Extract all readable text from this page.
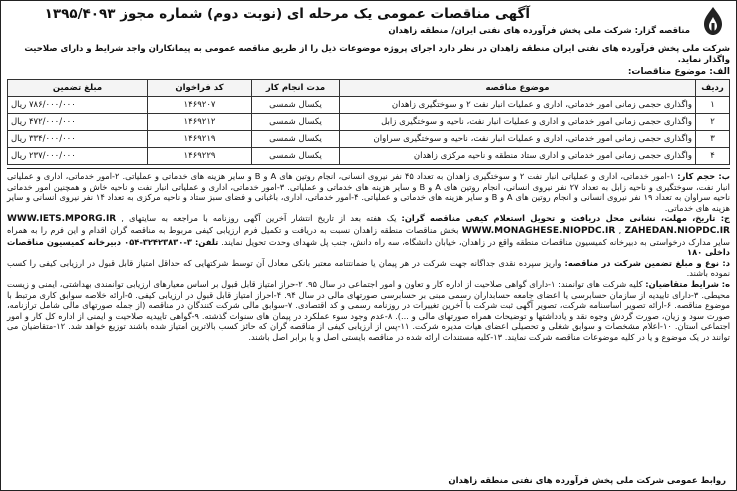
آگهی مناقصات عمومی یک مرحله ای (نوبت دوم) شماره مجوز ۱۳۹۵/۴۰۹۳
مناقصه گزار: شرکت ملی پخش فرآورده های نفتی ایران/ منطقه زاهدان
شرکت ملی پخش فرآورده های نفتی ایران منطقه زاهدان در نظر دارد اجرای پروژه موضوعات ذیل را از طریق مناقصه عمومی به پیمانکاران واجد شرایط و دارای صلاحیت واگذار نماید.
الف: موضوع مناقصات:
ردیف	موضوع مناقصه	مدت انجام کار	کد فراخوان	مبلغ تضمین
۱	واگذاری حجمی زمانی امور خدماتی، اداری و عملیات انبار نفت ۲ و سوختگیری زاهدان	یکسال شمسی	۱۴۶۹۲۰۷	۷۸۶/۰۰۰/۰۰۰ ریال
۲	واگذاری حجمی زمانی امور خدماتی و اداری و عملیات انبار نفت، ناحیه و سوختگیری زابل	یکسال شمسی	۱۴۶۹۲۱۲	۴۷۲/۰۰۰/۰۰۰ ریال
۳	واگذاری حجمی زمانی امور خدماتی، اداری و عملیات انبار نفت، ناحیه و سوختگیری سراوان	یکسال شمسی	۱۴۶۹۲۱۹	۳۳۴/۰۰۰/۰۰۰ ریال
۴	واگذاری حجمی زمانی امور خدماتی و اداری ستاد منطقه و ناحیه مرکزی زاهدان	یکسال شمسی	۱۴۶۹۲۲۹	۲۳۷/۰۰۰/۰۰۰ ریال
ب: حجم کار: ۱-امور خدماتی، اداری و عملیاتی انبار نفت ۲ و سوختگیری زاهدان به تعداد ۴۵ نفر نیروی انسانی، انجام روتین های A و B و سایر هزینه های خدماتی و عملیاتی. ۲-امور خدماتی، اداری و عملیاتی انبار نفت، سوختگیری و ناحیه زابل به تعداد ۲۷ نفر نیروی انسانی، انجام روتین های A و B و سایر هزینه های خدماتی و عملیاتی. ۳-امور خدماتی، اداری و عملیاتی انبار نفت و ناحیه خاش و همچنین امور خدماتی ناحیه سراوان به تعداد ۱۹ نفر نیروی انسانی و انجام روتین های A و B و سایر هزینه های خدماتی و عملیاتی. ۴-امور خدماتی، اداری، باغبانی و فضای سبز ستاد و ناحیه مرکزی به تعداد ۱۴ نفر نیروی انسانی و سایر هزینه های خدماتی.
ج: تاریخ، مهلت، نشانی محل دریافت و تحویل استعلام کیفی مناقصه گران: یک هفته بعد از تاریخ انتشار آخرین آگهی روزنامه با مراجعه به سایتهای WWW.IETS.MPORG.IR , WWW.MONAGHESE.NIOPDC.IR , ZAHEDAN.NIOPDC.IR بخش مناقصات منطقه زاهدان نسبت به دریافت و تکمیل فرم ارزیابی کیفی مربوط به مناقصه گران اقدام و این فرم را به همراه سایر مدارک درخواستی به دبیرخانه کمیسیون مناقصات منطقه واقع در زاهدان، خیابان دانشگاه، سه راه دانش، جنب پل شهدای وحدت تحویل نمایند. تلفن: ۳-۳۲۴۲۳۸۳۰-۰۵۴ دبیرخانه کمیسیون مناقصات داخلی ۱۸۰
د: نوع و مبلغ تضمین شرکت در مناقصه: واریز سپرده نقدی جداگانه جهت شرکت در هر پیمان یا ضمانتنامه معتبر بانکی معادل آن توسط شرکتهایی که حداقل امتیاز قابل قبول در ارزیابی کیفی را کسب نموده باشند.
ه: شرایط متقاضیان: کلیه شرکت های توانمند: ۱-دارای گواهی صلاحیت از اداره کار و تعاون و امور اجتماعی در سال ۹۵. ۲-حراز امتیاز قابل قبول بر اساس معیارهای ارزیابی توانمندی بهداشتی، ایمنی و زیست محیطی. ۳-دارای تاییدیه از سازمان حسابرسی یا اعضای جامعه حسابداران رسمی مبنی بر حسابرسی صورتهای مالی در سال ۹۴. ۴-احراز امتیاز قابل قبول در ارزیابی کیفی. ۵-ارائه خلاصه سوابق کاری مرتبط با موضوع مناقصه. ۶-ارائه تصویر اساسنامه شرکت، تصویر آگهی ثبت شرکت با آخرین تغییرات در روزنامه رسمی و کد اقتصادی. ۷-سوابق مالی شرکت کنندگان در مناقصه (از جمله صورتهای مالی شامل ترازنامه، صورت سود و زیان، صورت گردش وجوه نقد و یادداشتها و توضیحات همراه صورتهای مالی و ...). ۸-عدم وجود سوء عملکرد در پیمان های سنوات گذشته. ۹-گواهی تاییدیه صلاحیت و ایمنی از اداره کل کار و امور اجتماعی استان. ۱۰-اعلام مشخصات و سوابق شغلی و تحصیلی اعضای هیات مدیره شرکت. ۱۱-پس از ارزیابی کیفی از مناقصه گران که حائز کسب بالاترین امتیاز شده باشند توزیع خواهد شد. ۱۲-متقاضیان می توانند در یک موضوع و یا در کلیه موضوعات مناقصه شرکت نمایند. ۱۳-کلیه مستندات ارائه شده در مناقصه بایستی اصل و یا برابر اصل باشند.
روابط عمومی شرکت ملی پخش فرآورده های نفتی منطقه زاهدان
